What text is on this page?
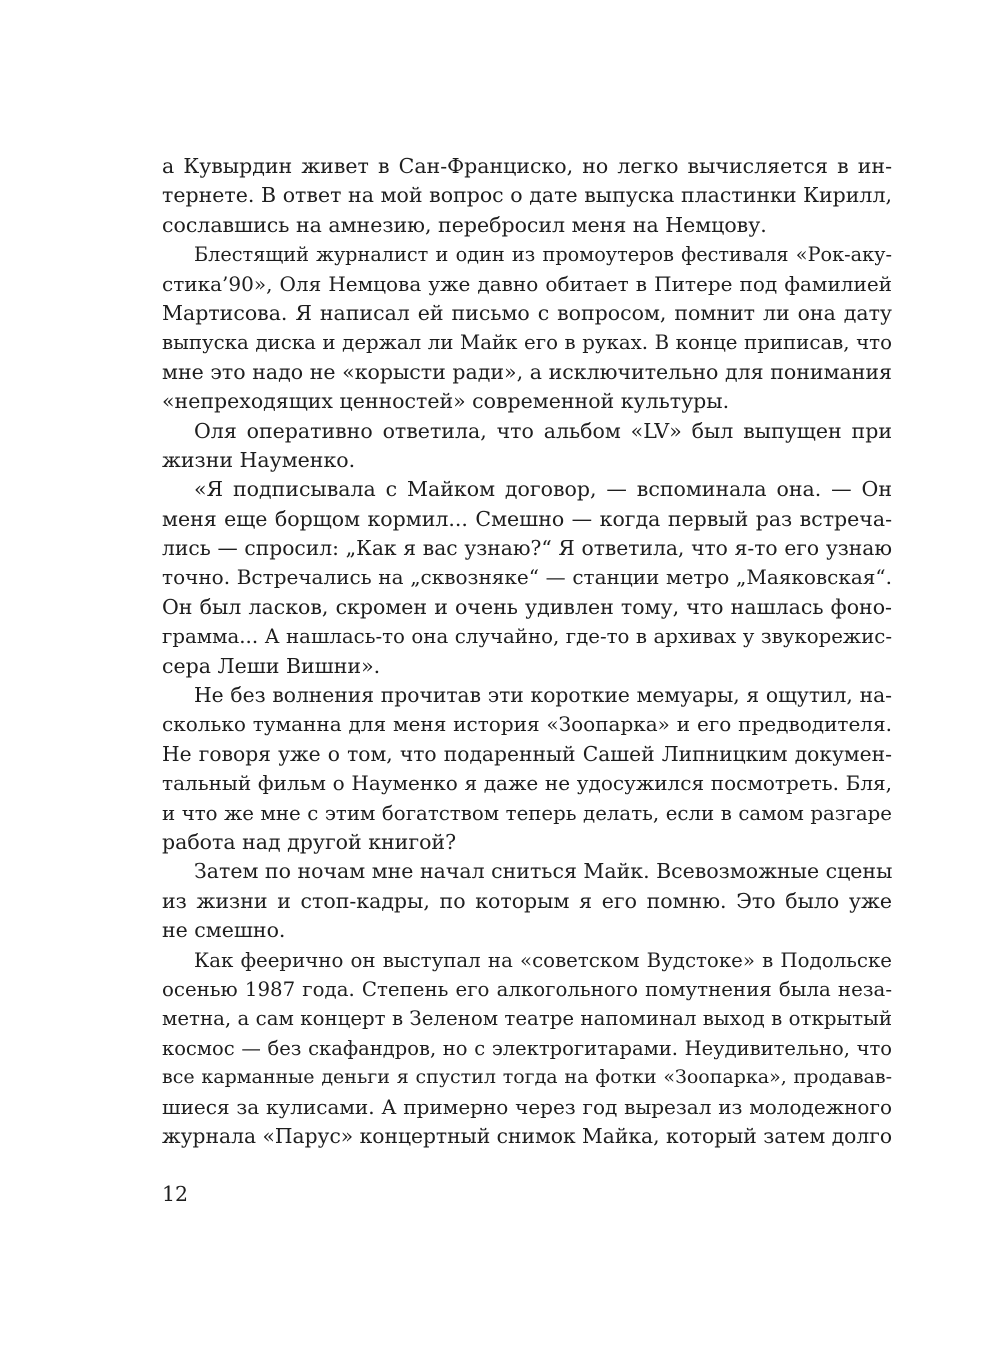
а Кувырдин живет в Сан-Франциско, но легко вычисляется в ин-
тернете. В ответ на мой вопрос о дате выпуска пластинки Кирилл,
сославшись на амнезию, перебросил меня на Немцову.
Блестящий журналист и один из промоутеров фестиваля «Рок-аку-
стика’90», Оля Немцова уже давно обитает в Питере под фамилией
Мартисова. Я написал ей письмо с вопросом, помнит ли она дату
выпуска диска и держал ли Майк его в руках. В конце приписав, что
мне это надо не «корысти ради», а исключительно для понимания
«непреходящих ценностей» современной культуры.
Оля оперативно ответила, что альбом «LV» был выпущен при
жизни Науменко.
«Я подписывала с Майком договор, — вспоминала она. — Он
меня еще борщом кормил... Смешно — когда первый раз встреча-
лись — спросил: „Как я вас узнаю?“ Я ответила, что я-то его узнаю
точно. Встречались на „сквозняке“ — станции метро „Маяковская“.
Он был ласков, скромен и очень удивлен тому, что нашлась фоно-
грамма... А нашлась-то она случайно, где-то в архивах у звукорежис-
сера Леши Вишни».
Не без волнения прочитав эти короткие мемуары, я ощутил, на-
сколько туманна для меня история «Зоопарка» и его предводителя.
Не говоря уже о том, что подаренный Сашей Липницким докумен-
тальный фильм о Науменко я даже не удосужился посмотреть. Бля,
и что же мне с этим богатством теперь делать, если в самом разгаре
работа над другой книгой?
Затем по ночам мне начал сниться Майк. Всевозможные сцены
из жизни и стоп-кадры, по которым я его помню. Это было уже
не смешно.
Как феерично он выступал на «советском Вудстоке» в Подольске
осенью 1987 года. Степень его алкогольного помутнения была неза-
метна, а сам концерт в Зеленом театре напоминал выход в открытый
космос — без скафандров, но с электрогитарами. Неудивительно, что
все карманные деньги я спустил тогда на фотки «Зоопарка», продавав-
шиеся за кулисами. А примерно через год вырезал из молодежного
журнала «Парус» концертный снимок Майка, который затем долго
12
